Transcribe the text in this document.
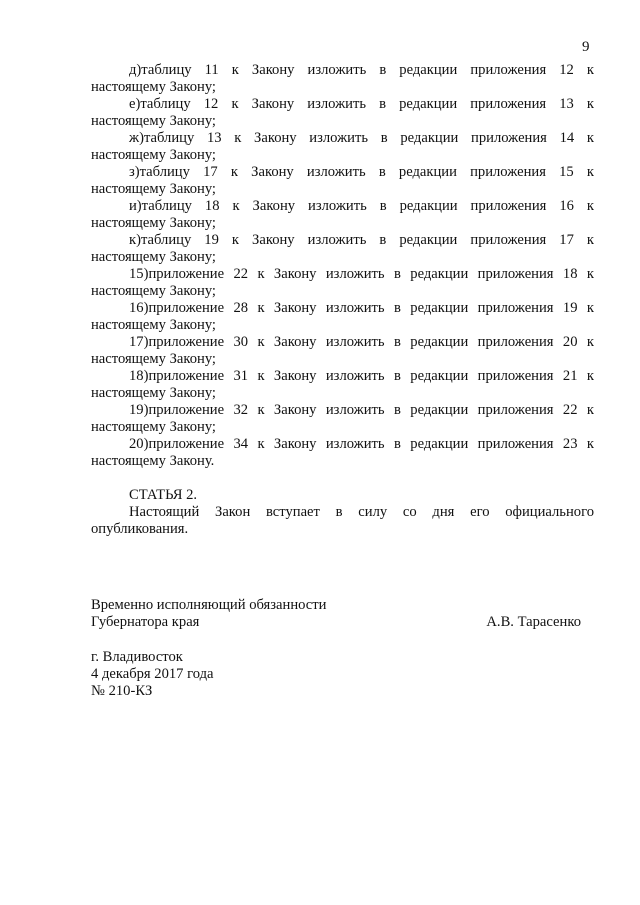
9
д)таблицу 11 к Закону изложить в редакции приложения 12 к
настоящему Закону;
е)таблицу 12 к Закону изложить в редакции приложения 13 к
настоящему Закону;
ж)таблицу 13 к Закону изложить в редакции приложения 14 к
настоящему Закону;
з)таблицу 17 к Закону изложить в редакции приложения 15 к
настоящему Закону;
и)таблицу 18 к Закону изложить в редакции приложения 16 к
настоящему Закону;
к)таблицу 19 к Закону изложить в редакции приложения 17 к
настоящему Закону;
15)приложение 22 к Закону изложить в редакции приложения 18 к
настоящему Закону;
16)приложение 28 к Закону изложить в редакции приложения 19 к
настоящему Закону;
17)приложение 30 к Закону изложить в редакции приложения 20 к
настоящему Закону;
18)приложение 31 к Закону изложить в редакции приложения 21 к
настоящему Закону;
19)приложение 32 к Закону изложить в редакции приложения 22 к
настоящему Закону;
20)приложение 34 к Закону изложить в редакции приложения 23 к
настоящему Закону.
СТАТЬЯ 2.
Настоящий Закон вступает в силу со дня его официального
опубликования.
Временно исполняющий обязанности
Губернатора края	А.В. Тарасенко
г. Владивосток
4 декабря 2017 года
№ 210-КЗ
